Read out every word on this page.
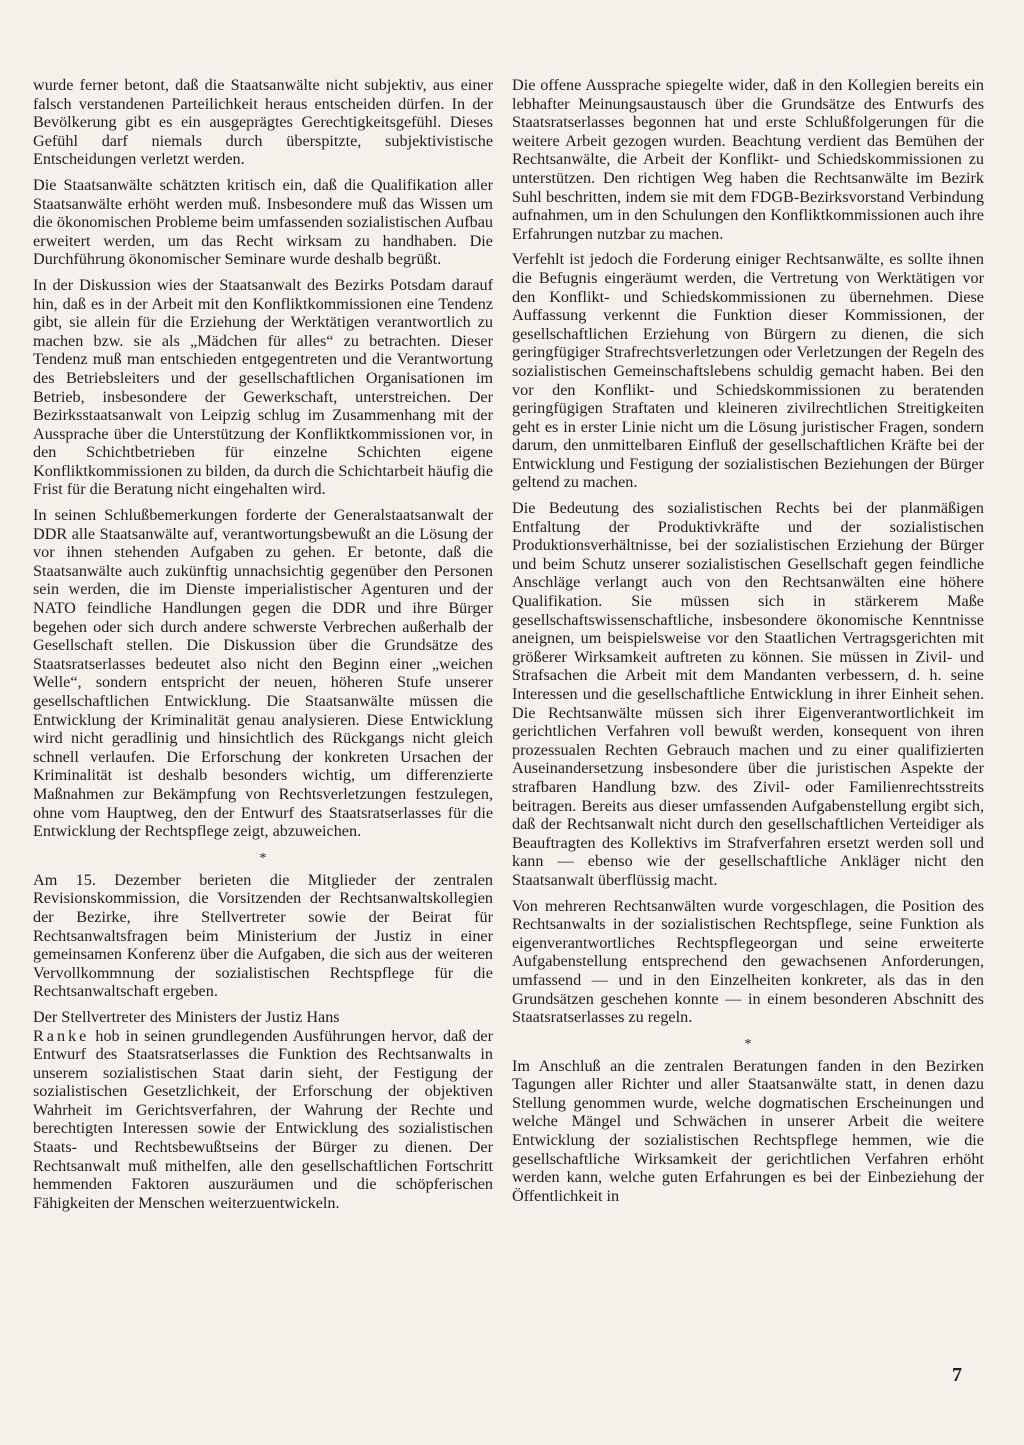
wurde ferner betont, daß die Staatsanwälte nicht subjektiv, aus einer falsch verstandenen Parteilichkeit heraus entscheiden dürfen. In der Bevölkerung gibt es ein ausgeprägtes Gerechtigkeitsgefühl. Dieses Gefühl darf niemals durch überspitzte, subjektivistische Entscheidungen verletzt werden.

Die Staatsanwälte schätzten kritisch ein, daß die Qualifikation aller Staatsanwälte erhöht werden muß. Insbesondere muß das Wissen um die ökonomischen Probleme beim umfassenden sozialistischen Aufbau erweitert werden, um das Recht wirksam zu handhaben. Die Durchführung ökonomischer Seminare wurde deshalb begrüßt.

In der Diskussion wies der Staatsanwalt des Bezirks Potsdam darauf hin, daß es in der Arbeit mit den Konfliktkommissionen eine Tendenz gibt, sie allein für die Erziehung der Werktätigen verantwortlich zu machen bzw. sie als „Mädchen für alles“ zu betrachten. Dieser Tendenz muß man entschieden entgegentreten und die Verantwortung des Betriebsleiters und der gesellschaftlichen Organisationen im Betrieb, insbesondere der Gewerkschaft, unterstreichen. Der Bezirksstaatsanwalt von Leipzig schlug im Zusammenhang mit der Aussprache über die Unterstützung der Konfliktkommissionen vor, in den Schichtbetrieben für einzelne Schichten eigene Konfliktkommissionen zu bilden, da durch die Schichtarbeit häufig die Frist für die Beratung nicht eingehalten wird.

In seinen Schlußbemerkungen forderte der Generalstaatsanwalt der DDR alle Staatsanwälte auf, verantwortungsbewußt an die Lösung der vor ihnen stehenden Aufgaben zu gehen. Er betonte, daß die Staatsanwälte auch zukünftig unnachsichtig gegenüber den Personen sein werden, die im Dienste imperialistischer Agenturen und der NATO feindliche Handlungen gegen die DDR und ihre Bürger begehen oder sich durch andere schwerste Verbrechen außerhalb der Gesellschaft stellen. Die Diskussion über die Grundsätze des Staatsratserlasses bedeutet also nicht den Beginn einer „weichen Welle“, sondern entspricht der neuen, höheren Stufe unserer gesellschaftlichen Entwicklung. Die Staatsanwälte müssen die Entwicklung der Kriminalität genau analysieren. Diese Entwicklung wird nicht geradlinig und hinsichtlich des Rückgangs nicht gleich schnell verlaufen. Die Erforschung der konkreten Ursachen der Kriminalität ist deshalb besonders wichtig, um differenzierte Maßnahmen zur Bekämpfung von Rechtsverletzungen festzulegen, ohne vom Hauptweg, den der Entwurf des Staatsratserlasses für die Entwicklung der Rechtspflege zeigt, abzuweichen.

*

Am 15. Dezember berieten die Mitglieder der zentralen Revisionskommission, die Vorsitzenden der Rechtsanwaltskollegien der Bezirke, ihre Stellvertreter sowie der Beirat für Rechtsanwaltsfragen beim Ministerium der Justiz in einer gemeinsamen Konferenz über die Aufgaben, die sich aus der weiteren Vervollkommnung der sozialistischen Rechtspflege für die Rechtsanwaltschaft ergeben.

Der Stellvertreter des Ministers der Justiz Hans
Ranke hob in seinen grundlegenden Ausführungen hervor, daß der Entwurf des Staatsratserlasses die Funktion des Rechtsanwalts in unserem sozialistischen Staat darin sieht, der Festigung der sozialistischen Gesetzlichkeit, der Erforschung der objektiven Wahrheit im Gerichtsverfahren, der Wahrung der Rechte und berechtigten Interessen sowie der Entwicklung des sozialistischen Staats- und Rechtsbewußtseins der Bürger zu dienen. Der Rechtsanwalt muß mithelfen, alle den gesellschaftlichen Fortschritt hemmenden Faktoren auszuräumen und die schöpferischen Fähigkeiten der Menschen weiterzuentwickeln.

Die offene Aussprache spiegelte wider, daß in den Kollegien bereits ein lebhafter Meinungsaustausch über die Grundsätze des Entwurfs des Staatsratserlasses begonnen hat und erste Schlußfolgerungen für die weitere Arbeit gezogen wurden. Beachtung verdient das Bemühen der Rechtsanwälte, die Arbeit der Konflikt- und Schiedskommissionen zu unterstützen. Den richtigen Weg haben die Rechtsanwälte im Bezirk Suhl beschritten, indem sie mit dem FDGB-Bezirksvorstand Verbindung aufnahmen, um in den Schulungen den Konfliktkommissionen auch ihre Erfahrungen nutzbar zu machen.

Verfehlt ist jedoch die Forderung einiger Rechtsanwälte, es sollte ihnen die Befugnis eingeräumt werden, die Vertretung von Werktätigen vor den Konflikt- und Schiedskommissionen zu übernehmen. Diese Auffassung verkennt die Funktion dieser Kommissionen, der gesellschaftlichen Erziehung von Bürgern zu dienen, die sich geringfügiger Strafrechtsverletzungen oder Verletzungen der Regeln des sozialistischen Gemeinschaftslebens schuldig gemacht haben. Bei den vor den Konflikt- und Schiedskommissionen zu beratenden geringfügigen Straftaten und kleineren zivilrechtlichen Streitigkeiten geht es in erster Linie nicht um die Lösung juristischer Fragen, sondern darum, den unmittelbaren Einfluß der gesellschaftlichen Kräfte bei der Entwicklung und Festigung der sozialistischen Beziehungen der Bürger geltend zu machen.

Die Bedeutung des sozialistischen Rechts bei der planmäßigen Entfaltung der Produktivkräfte und der sozialistischen Produktionsverhältnisse, bei der sozialistischen Erziehung der Bürger und beim Schutz unserer sozialistischen Gesellschaft gegen feindliche Anschläge verlangt auch von den Rechtsanwälten eine höhere Qualifikation. Sie müssen sich in stärkerem Maße gesellschaftswissenschaftliche, insbesondere ökonomische Kenntnisse aneignen, um beispielsweise vor den Staatlichen Vertragsgerichten mit größerer Wirksamkeit auftreten zu können. Sie müssen in Zivil- und Strafsachen die Arbeit mit dem Mandanten verbessern, d. h. seine Interessen und die gesellschaftliche Entwicklung in ihrer Einheit sehen. Die Rechtsanwälte müssen sich ihrer Eigenverantwortlichkeit im gerichtlichen Verfahren voll bewußt werden, konsequent von ihren prozessualen Rechten Gebrauch machen und zu einer qualifizierten Auseinandersetzung insbesondere über die juristischen Aspekte der strafbaren Handlung bzw. des Zivil- oder Familienrechtsstreits beitragen. Bereits aus dieser umfassenden Aufgabenstellung ergibt sich, daß der Rechtsanwalt nicht durch den gesellschaftlichen Verteidiger als Beauftragten des Kollektivs im Strafverfahren ersetzt werden soll und kann — ebenso wie der gesellschaftliche Ankläger nicht den Staatsanwalt überflüssig macht.

Von mehreren Rechtsanwälten wurde vorgeschlagen, die Position des Rechtsanwalts in der sozialistischen Rechtspflege, seine Funktion als eigenverantwortliches Rechtspflegeorgan und seine erweiterte Aufgabenstellung entsprechend den gewachsenen Anforderungen, umfassend — und in den Einzelheiten konkreter, als das in den Grundsätzen geschehen konnte — in einem besonderen Abschnitt des Staatsratserlasses zu regeln.

*

Im Anschluß an die zentralen Beratungen fanden in den Bezirken Tagungen aller Richter und aller Staatsanwälte statt, in denen dazu Stellung genommen wurde, welche dogmatischen Erscheinungen und welche Mängel und Schwächen in unserer Arbeit die weitere Entwicklung der sozialistischen Rechtspflege hemmen, wie die gesellschaftliche Wirksamkeit der gerichtlichen Verfahren erhöht werden kann, welche guten Erfahrungen es bei der Einbeziehung der Öffentlichkeit in

7
